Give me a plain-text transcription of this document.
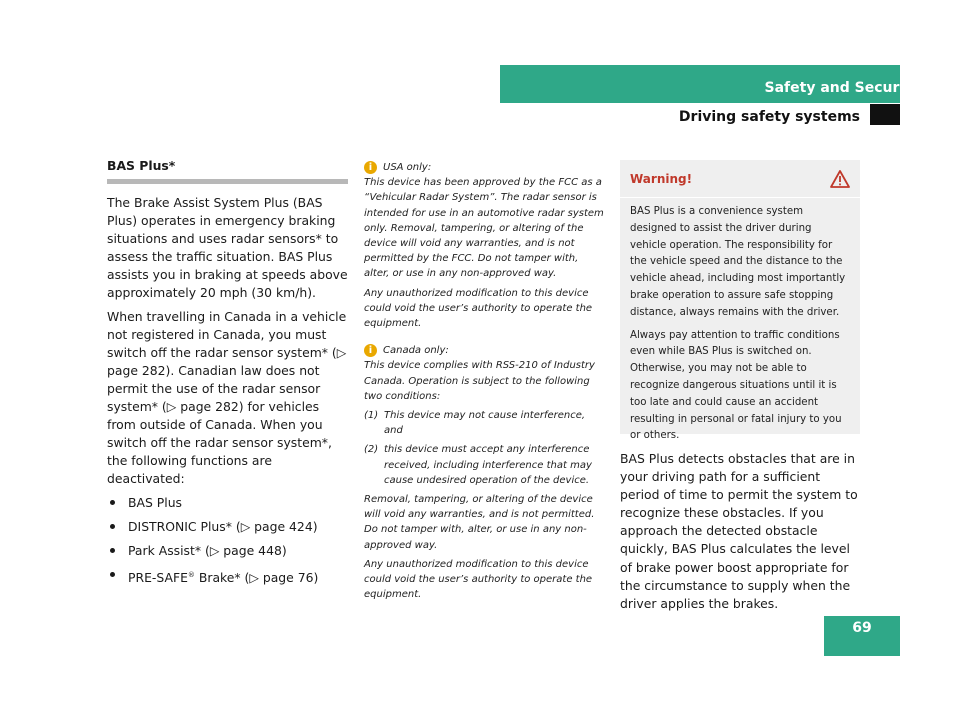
Safety and Security
Driving safety systems
69
BAS Plus*

The Brake Assist System Plus (BAS Plus) operates in emergency braking situations and uses radar sensors* to assess the traffic situation. BAS Plus assists you in braking at speeds above approximately 20 mph (30 km/h).

When travelling in Canada in a vehicle not registered in Canada, you must switch off the radar sensor system* (▷ page 282). Canadian law does not permit the use of the radar sensor system* (▷ page 282) for vehicles from outside of Canada. When you switch off the radar sensor system*, the following functions are deactivated:

BAS Plus
DISTRONIC Plus* (▷ page 424)
Park Assist* (▷ page 448)
PRE-SAFE® Brake* (▷ page 76)
i	USA only:

This device has been approved by the FCC as a “Vehicular Radar System”. The radar sensor is intended for use in an automotive radar system only. Removal, tampering, or altering of the device will void any warranties, and is not permitted by the FCC. Do not tamper with, alter, or use in any non-approved way.

Any unauthorized modification to this device could void the user’s authority to operate the equipment.

i	Canada only:

This device complies with RSS-210 of Industry Canada. Operation is subject to the following two conditions:

(1) This device may not cause interference, and
(2) this device must accept any interference received, including interference that may cause undesired operation of the device.

Removal, tampering, or altering of the device will void any warranties, and is not permitted. Do not tamper with, alter, or use in any non-approved way.

Any unauthorized modification to this device could void the user’s authority to operate the equipment.

Warning!

BAS Plus is a convenience system designed to assist the driver during vehicle operation. The responsibility for the vehicle speed and the distance to the vehicle ahead, including most importantly brake operation to assure safe stopping distance, always remains with the driver.

Always pay attention to traffic conditions even while BAS Plus is switched on. Otherwise, you may not be able to recognize dangerous situations until it is too late and could cause an accident resulting in personal or fatal injury to you or others.

BAS Plus detects obstacles that are in your driving path for a sufficient period of time to permit the system to recognize these obstacles. If you approach the detected obstacle quickly, BAS Plus calculates the level of brake power boost appropriate for the circumstance to supply when the driver applies the brakes.
